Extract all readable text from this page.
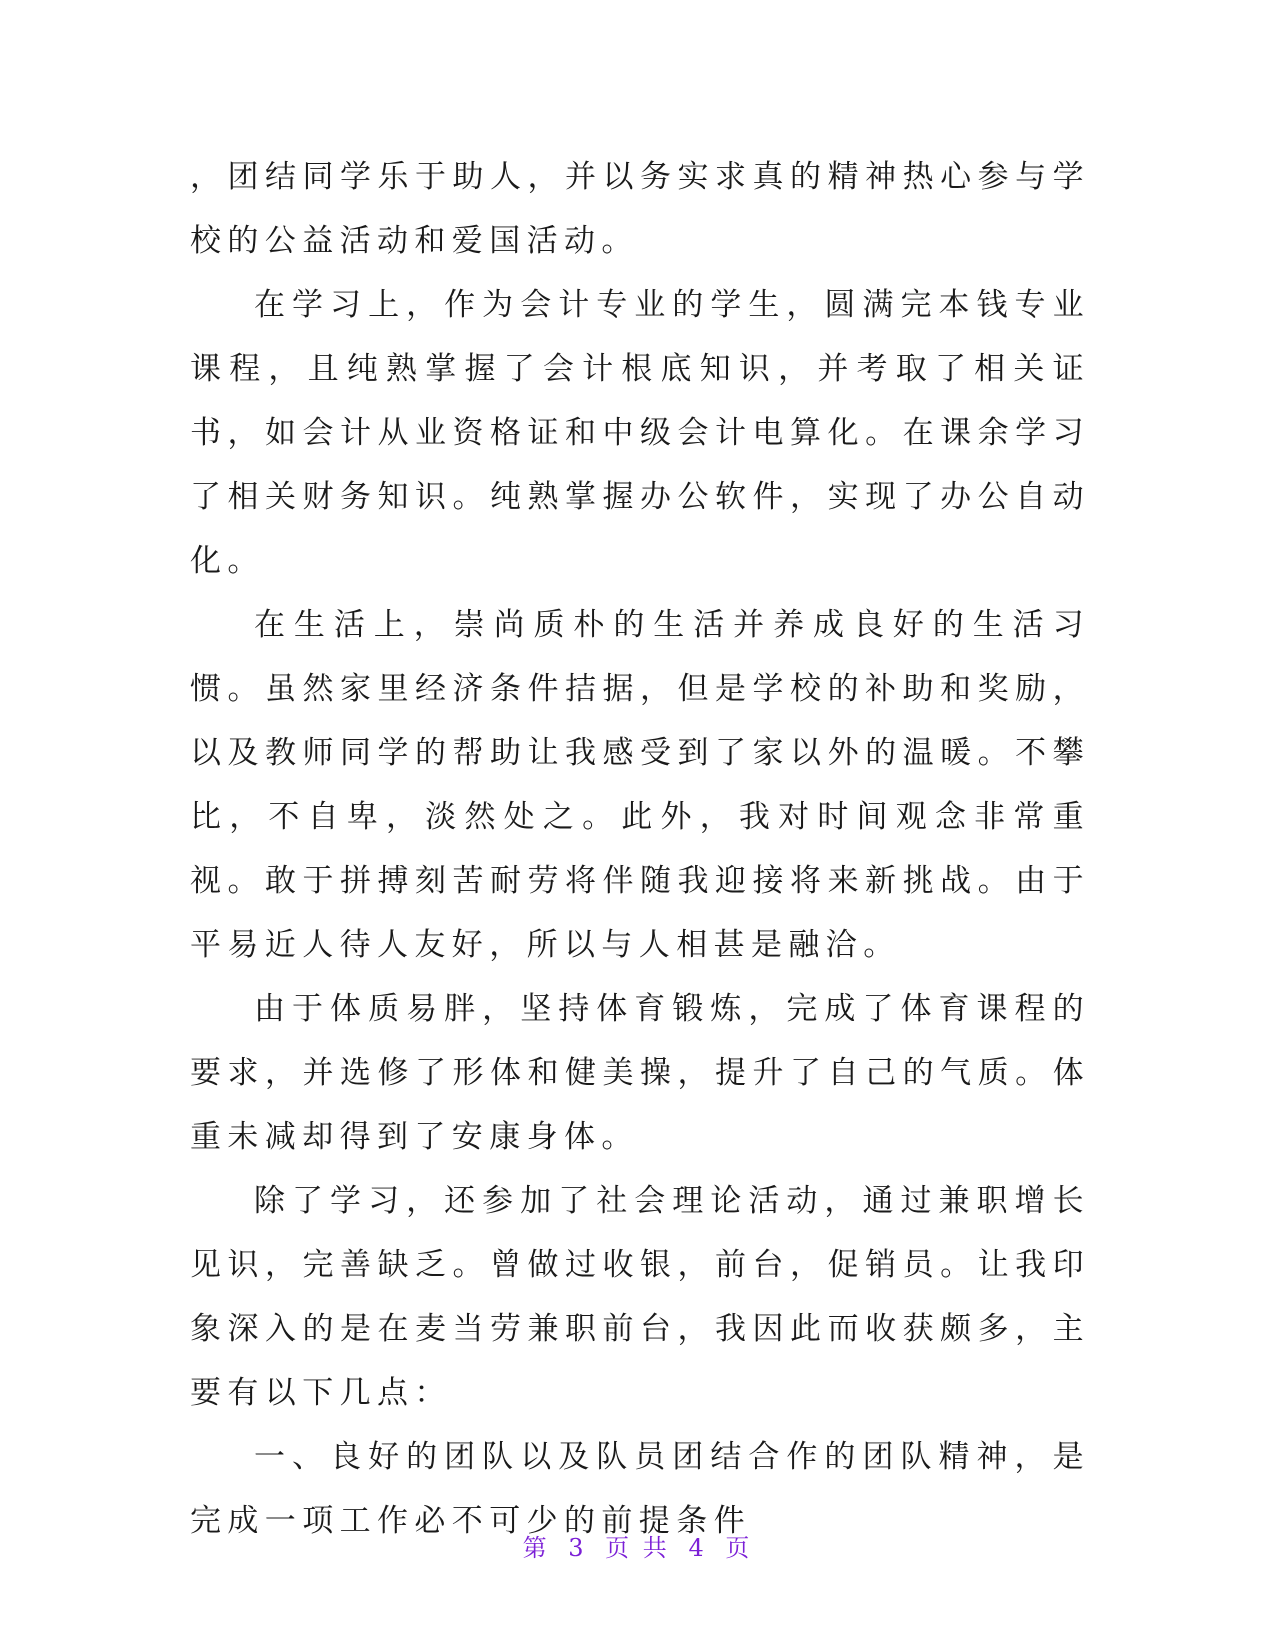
，团结同学乐于助人，并以务实求真的精神热心参与学校的公益活动和爱国活动。

在学习上，作为会计专业的学生，圆满完本钱专业课程，且纯熟掌握了会计根底知识，并考取了相关证书，如会计从业资格证和中级会计电算化。在课余学习了相关财务知识。纯熟掌握办公软件，实现了办公自动化。

在生活上，崇尚质朴的生活并养成良好的生活习惯。虽然家里经济条件拮据，但是学校的补助和奖励，以及教师同学的帮助让我感受到了家以外的温暖。不攀比，不自卑，淡然处之。此外，我对时间观念非常重视。敢于拼搏刻苦耐劳将伴随我迎接将来新挑战。由于平易近人待人友好，所以与人相甚是融洽。

由于体质易胖，坚持体育锻炼，完成了体育课程的要求，并选修了形体和健美操，提升了自己的气质。体重未减却得到了安康身体。

除了学习，还参加了社会理论活动，通过兼职增长见识，完善缺乏。曾做过收银，前台，促销员。让我印象深入的是在麦当劳兼职前台，我因此而收获颇多，主要有以下几点：

一、良好的团队以及队员团结合作的团队精神，是完成一项工作必不可少的前提条件

第 3 页 共 4 页
